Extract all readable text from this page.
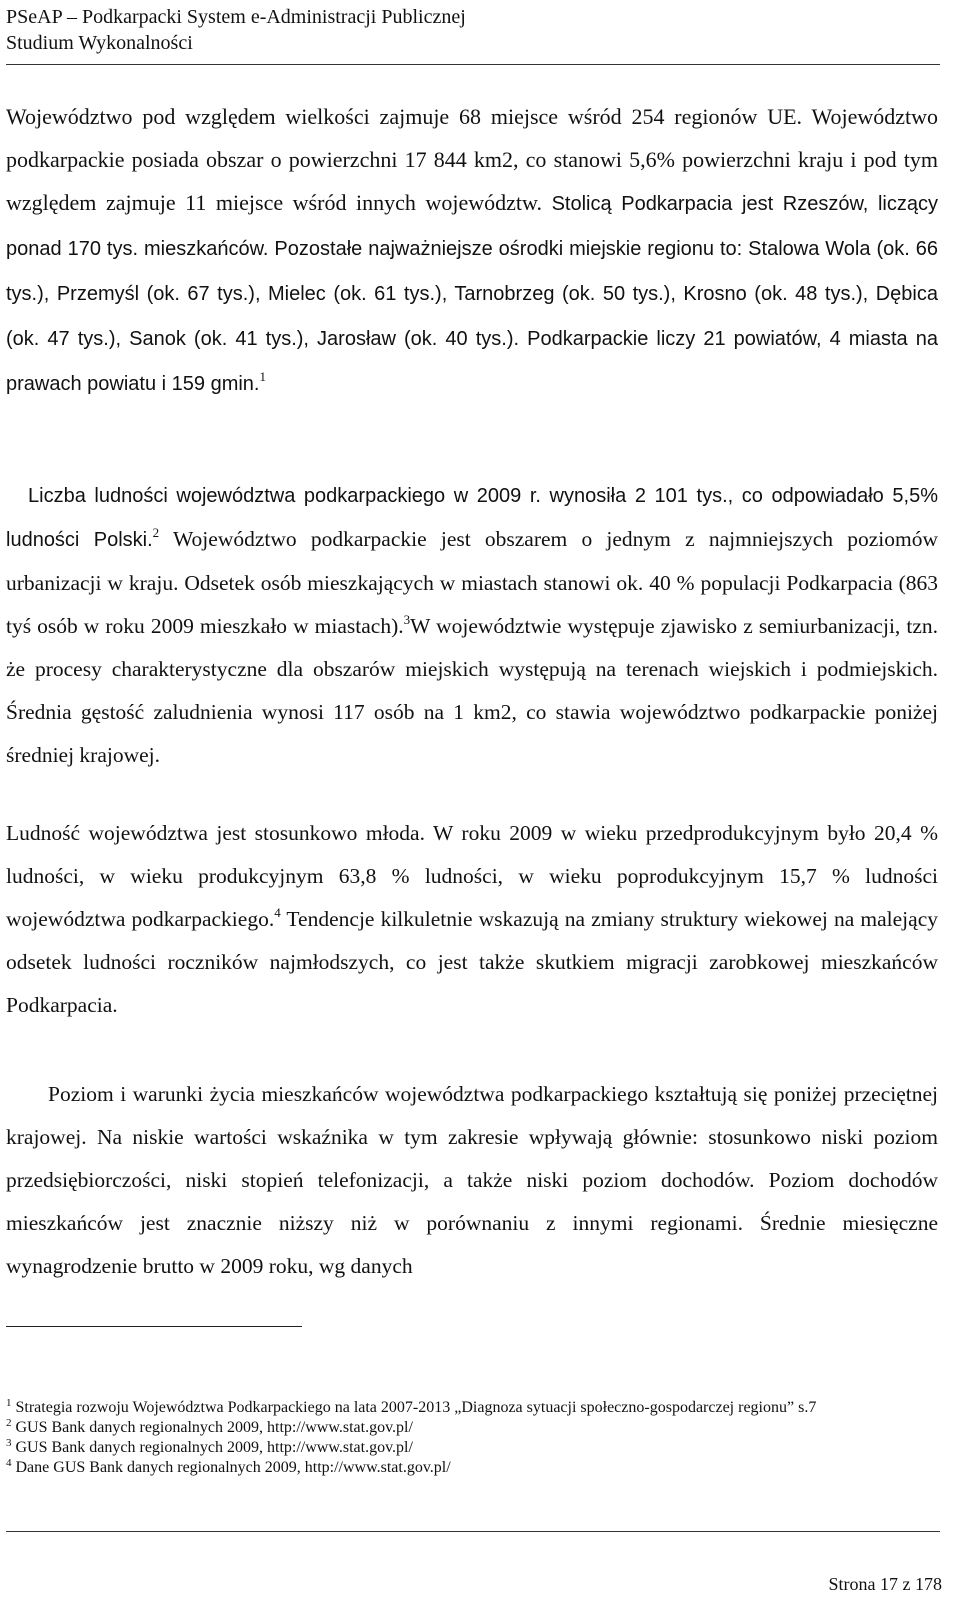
PSeAP – Podkarpacki System e-Administracji Publicznej
Studium Wykonalności

Województwo pod względem wielkości zajmuje 68 miejsce wśród 254 regionów UE. Województwo podkarpackie posiada obszar o powierzchni 17 844 km2, co stanowi 5,6% powierzchni kraju i pod tym względem zajmuje 11 miejsce wśród innych województw. Stolicą Podkarpacia jest Rzeszów, liczący ponad 170 tys. mieszkańców. Pozostałe najważniejsze ośrodki miejskie regionu to: Stalowa Wola (ok. 66 tys.), Przemyśl (ok. 67 tys.), Mielec (ok. 61 tys.), Tarnobrzeg (ok. 50 tys.), Krosno (ok. 48 tys.), Dębica (ok. 47 tys.), Sanok (ok. 41 tys.), Jarosław (ok. 40 tys.). Podkarpackie liczy 21 powiatów, 4 miasta na prawach powiatu i 159 gmin.$^1$

Liczba ludności województwa podkarpackiego w 2009 r. wynosiła 2 101 tys., co odpowiadało 5,5% ludności Polski.$^2$ Województwo podkarpackie jest obszarem o jednym z najmniejszych poziomów urbanizacji w kraju. Odsetek osób mieszkających w miastach stanowi ok. 40 % populacji Podkarpacia (863 tyś osób w roku 2009 mieszkało w miastach).$^3$W województwie występuje zjawisko z semiurbanizacji, tzn. że procesy charakterystyczne dla obszarów miejskich występują na terenach wiejskich i podmiejskich. Średnia gęstość zaludnienia wynosi 117 osób na 1 km2, co stawia województwo podkarpackie poniżej średniej krajowej.

Ludność województwa jest stosunkowo młoda. W roku 2009 w wieku przedprodukcyjnym było 20,4 % ludności, w wieku produkcyjnym 63,8 % ludności, w wieku poprodukcyjnym 15,7 % ludności województwa podkarpackiego.$^4$ Tendencje kilkuletnie wskazują na zmiany struktury wiekowej na malejący odsetek ludności roczników najmłodszych, co jest także skutkiem migracji zarobkowej mieszkańców Podkarpacia.

Poziom i warunki życia mieszkańców województwa podkarpackiego kształtują się poniżej przeciętnej krajowej. Na niskie wartości wskaźnika w tym zakresie wpływają głównie: stosunkowo niski poziom przedsiębiorczości, niski stopień telefonizacji, a także niski poziom dochodów. Poziom dochodów mieszkańców jest znacznie niższy niż w porównaniu z innymi regionami. Średnie miesięczne wynagrodzenie brutto w 2009 roku, wg danych

$^1$ Strategia rozwoju Województwa Podkarpackiego na lata 2007-2013 „Diagnoza sytuacji społeczno-gospodarczej regionu” s.7

$^2$ GUS Bank danych regionalnych 2009, http://www.stat.gov.pl/

$^3$ GUS Bank danych regionalnych 2009, http://www.stat.gov.pl/

$^4$ Dane GUS Bank danych regionalnych 2009, http://www.stat.gov.pl/

Strona 17 z 178
